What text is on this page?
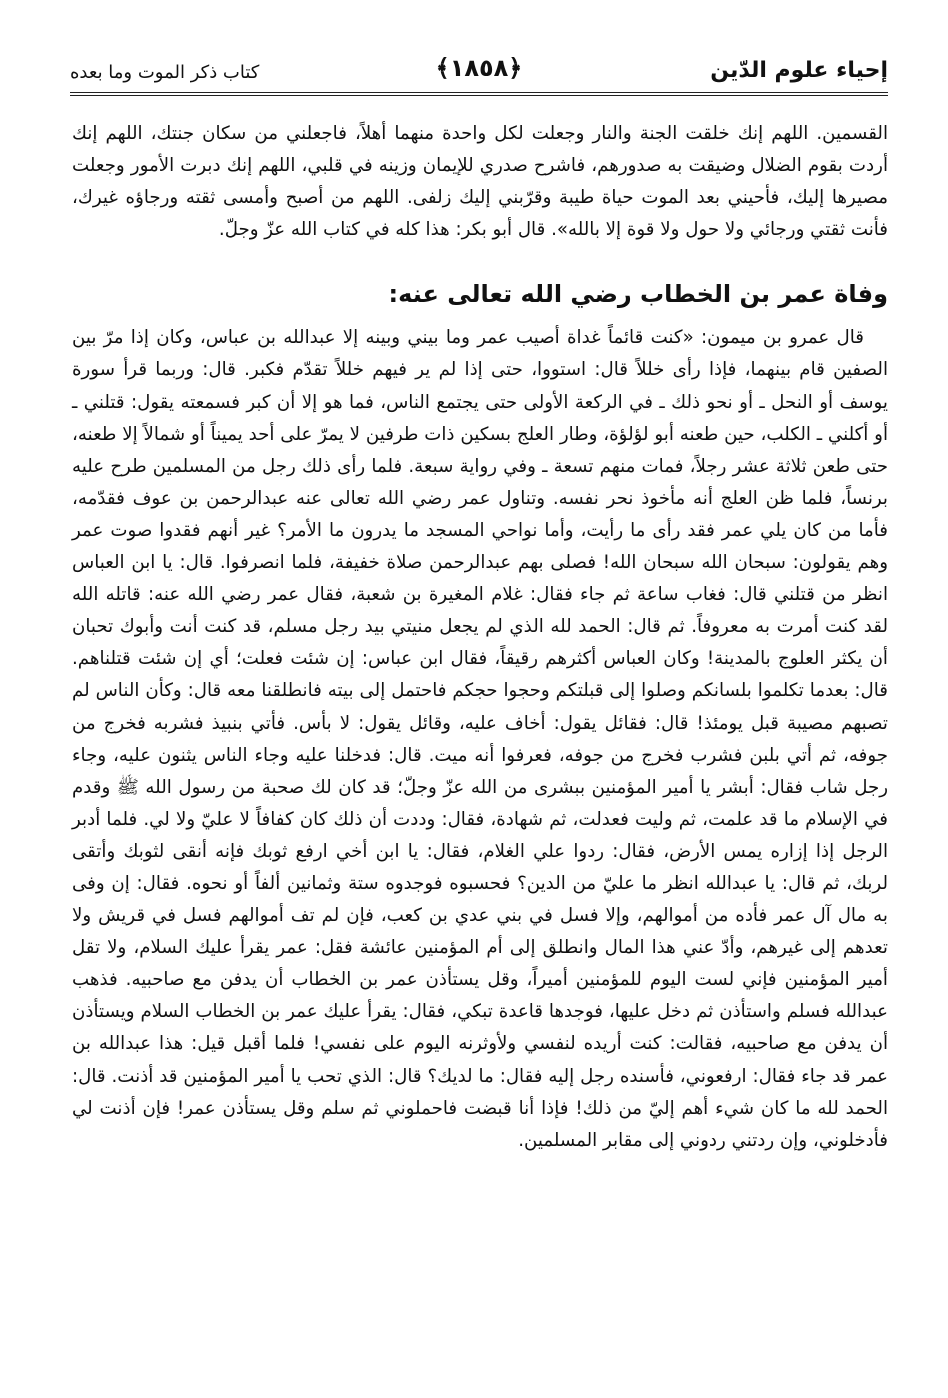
إحياء علوم الدّين
﴿١٨٥٨﴾
كتاب ذكر الموت وما بعده

القسمين. اللهم إنك خلقت الجنة والنار وجعلت لكل واحدة منهما أهلاً، فاجعلني من سكان جنتك، اللهم إنك أردت بقوم الضلال وضيقت به صدورهم، فاشرح صدري للإيمان وزينه في قلبي، اللهم إنك دبرت الأمور وجعلت مصيرها إليك، فأحيني بعد الموت حياة طيبة وقرّبني إليك زلفى. اللهم من أصبح وأمسى ثقته ورجاؤه غيرك، فأنت ثقتي ورجائي ولا حول ولا قوة إلا بالله». قال أبو بكر: هذا كله في كتاب الله عزّ وجلّ.

وفاة عمر بن الخطاب رضي الله تعالى عنه:

قال عمرو بن ميمون: «كنت قائماً غداة أصيب عمر وما بيني وبينه إلا عبدالله بن عباس، وكان إذا مرّ بين الصفين قام بينهما، فإذا رأى خللاً قال: استووا، حتى إذا لم ير فيهم خللاً تقدّم فكبر. قال: وربما قرأ سورة يوسف أو النحل ـ أو نحو ذلك ـ في الركعة الأولى حتى يجتمع الناس، فما هو إلا أن كبر فسمعته يقول: قتلني ـ أو أكلني ـ الكلب، حين طعنه أبو لؤلؤة، وطار العلج بسكين ذات طرفين لا يمرّ على أحد يميناً أو شمالاً إلا طعنه، حتى طعن ثلاثة عشر رجلاً، فمات منهم تسعة ـ وفي رواية سبعة. فلما رأى ذلك رجل من المسلمين طرح عليه برنساً، فلما ظن العلج أنه مأخوذ نحر نفسه. وتناول عمر رضي الله تعالى عنه عبدالرحمن بن عوف فقدّمه، فأما من كان يلي عمر فقد رأى ما رأيت، وأما نواحي المسجد ما يدرون ما الأمر؟ غير أنهم فقدوا صوت عمر وهم يقولون: سبحان الله سبحان الله! فصلى بهم عبدالرحمن صلاة خفيفة، فلما انصرفوا. قال: يا ابن العباس انظر من قتلني قال: فغاب ساعة ثم جاء فقال: غلام المغيرة بن شعبة، فقال عمر رضي الله عنه: قاتله الله لقد كنت أمرت به معروفاً. ثم قال: الحمد لله الذي لم يجعل منيتي بيد رجل مسلم، قد كنت أنت وأبوك تحبان أن يكثر العلوج بالمدينة! وكان العباس أكثرهم رقيقاً، فقال ابن عباس: إن شئت فعلت؛ أي إن شئت قتلناهم. قال: بعدما تكلموا بلسانكم وصلوا إلى قبلتكم وحجوا حجكم فاحتمل إلى بيته فانطلقنا معه قال: وكأن الناس لم تصبهم مصيبة قبل يومئذ! قال: فقائل يقول: أخاف عليه، وقائل يقول: لا بأس. فأتي بنبيذ فشربه فخرج من جوفه، ثم أتي بلبن فشرب فخرج من جوفه، فعرفوا أنه ميت. قال: فدخلنا عليه وجاء الناس يثنون عليه، وجاء رجل شاب فقال: أبشر يا أمير المؤمنين ببشرى من الله عزّ وجلّ؛ قد كان لك صحبة من رسول الله ﷺ وقدم في الإسلام ما قد علمت، ثم وليت فعدلت، ثم شهادة، فقال: وددت أن ذلك كان كفافاً لا عليّ ولا لي. فلما أدبر الرجل إذا إزاره يمس الأرض، فقال: ردوا علي الغلام، فقال: يا ابن أخي ارفع ثوبك فإنه أنقى لثوبك وأتقى لربك، ثم قال: يا عبدالله انظر ما عليّ من الدين؟ فحسبوه فوجدوه ستة وثمانين ألفاً أو نحوه. فقال: إن وفى به مال آل عمر فأده من أموالهم، وإلا فسل في بني عدي بن كعب، فإن لم تف أموالهم فسل في قريش ولا تعدهم إلى غيرهم، وأدّ عني هذا المال وانطلق إلى أم المؤمنين عائشة فقل: عمر يقرأ عليك السلام، ولا تقل أمير المؤمنين فإني لست اليوم للمؤمنين أميراً، وقل يستأذن عمر بن الخطاب أن يدفن مع صاحبيه. فذهب عبدالله فسلم واستأذن ثم دخل عليها، فوجدها قاعدة تبكي، فقال: يقرأ عليك عمر بن الخطاب السلام ويستأذن أن يدفن مع صاحبيه، فقالت: كنت أريده لنفسي ولأوثرنه اليوم على نفسي! فلما أقبل قيل: هذا عبدالله بن عمر قد جاء فقال: ارفعوني، فأسنده رجل إليه فقال: ما لديك؟ قال: الذي تحب يا أمير المؤمنين قد أذنت. قال: الحمد لله ما كان شيء أهم إليّ من ذلك! فإذا أنا قبضت فاحملوني ثم سلم وقل يستأذن عمر! فإن أذنت لي فأدخلوني، وإن ردتني ردوني إلى مقابر المسلمين.
